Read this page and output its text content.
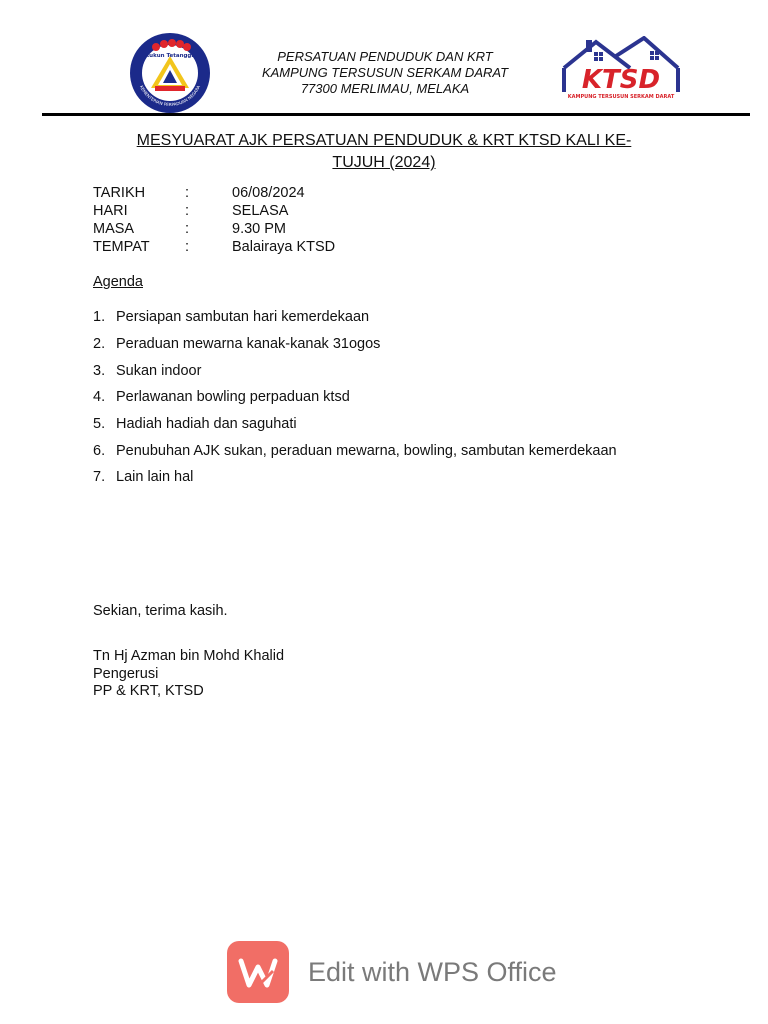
Rukun Tetangga
KEMENTERIAN PERPADUAN NEGARA
PERSATUAN PENDUDUK DAN KRT
KAMPUNG TERSUSUN SERKAM DARAT
77300 MERLIMAU, MELAKA	KTSD
KAMPUNG TERSUSUN SERKAM DARAT
MESYUARAT AJK PERSATUAN PENDUDUK & KRT KTSD KALI KE-
TUJUH (2024)
TARIKH	:	06/08/2024
HARI	:	SELASA
MASA	:	9.30 PM
TEMPAT :	Balairaya KTSD
Agenda
1. Persiapan sambutan hari kemerdekaan
2. Peraduan mewarna kanak-kanak 31ogos
3. Sukan indoor
4. Perlawanan bowling perpaduan ktsd
5. Hadiah hadiah dan saguhati
6. Penubuhan AJK sukan, peraduan mewarna, bowling, sambutan kemerdekaan
7. Lain lain hal
Sekian, terima kasih.
Tn Hj Azman bin Mohd Khalid
Pengerusi
PP & KRT, KTSD
Edit with WPS Office
